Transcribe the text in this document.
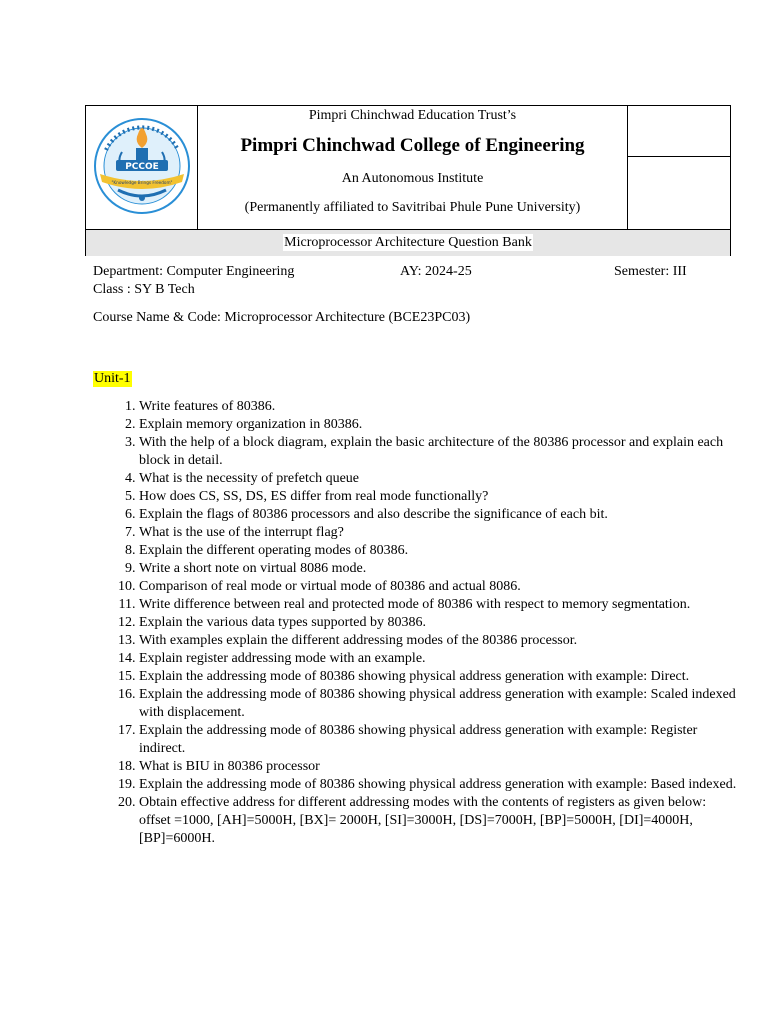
PCCOE
"Knowledge Brings Freedom"
Pimpri Chinchwad Education Trust’s
Pimpri Chinchwad College of Engineering
An Autonomous Institute
(Permanently affiliated to Savitribai Phule Pune University)
Microprocessor Architecture Question Bank
Department: Computer Engineering	AY: 2024-25	Semester: III
Class : SY B Tech
Course Name & Code: Microprocessor Architecture (BCE23PC03)
Unit-1
1. Write features of 80386.
2. Explain memory organization in 80386.
3. With the help of a block diagram, explain the basic architecture of the 80386 processor and explain each block in detail.
4. What is the necessity of prefetch queue
5. How does CS, SS, DS, ES differ from real mode functionally?
6. Explain the flags of 80386 processors and also describe the significance of each bit.
7. What is the use of the interrupt flag?
8. Explain the different operating modes of 80386.
9. Write a short note on virtual 8086 mode.
10. Comparison of real mode or virtual mode of 80386 and actual 8086.
11. Write difference between real and protected mode of 80386 with respect to memory segmentation.
12. Explain the various data types supported by 80386.
13. With examples explain the different addressing modes of the 80386 processor.
14. Explain register addressing mode with an example.
15. Explain the addressing mode of 80386 showing physical address generation with example: Direct.
16. Explain the addressing mode of 80386 showing physical address generation with example: Scaled indexed with displacement.
17. Explain the addressing mode of 80386 showing physical address generation with example: Register indirect.
18. What is BIU in 80386 processor
19. Explain the addressing mode of 80386 showing physical address generation with example: Based indexed.
20. Obtain effective address for different addressing modes with the contents of registers as given below: offset =1000, [AH]=5000H, [BX]= 2000H, [SI]=3000H, [DS]=7000H, [BP]=5000H, [DI]=4000H, [BP]=6000H.
